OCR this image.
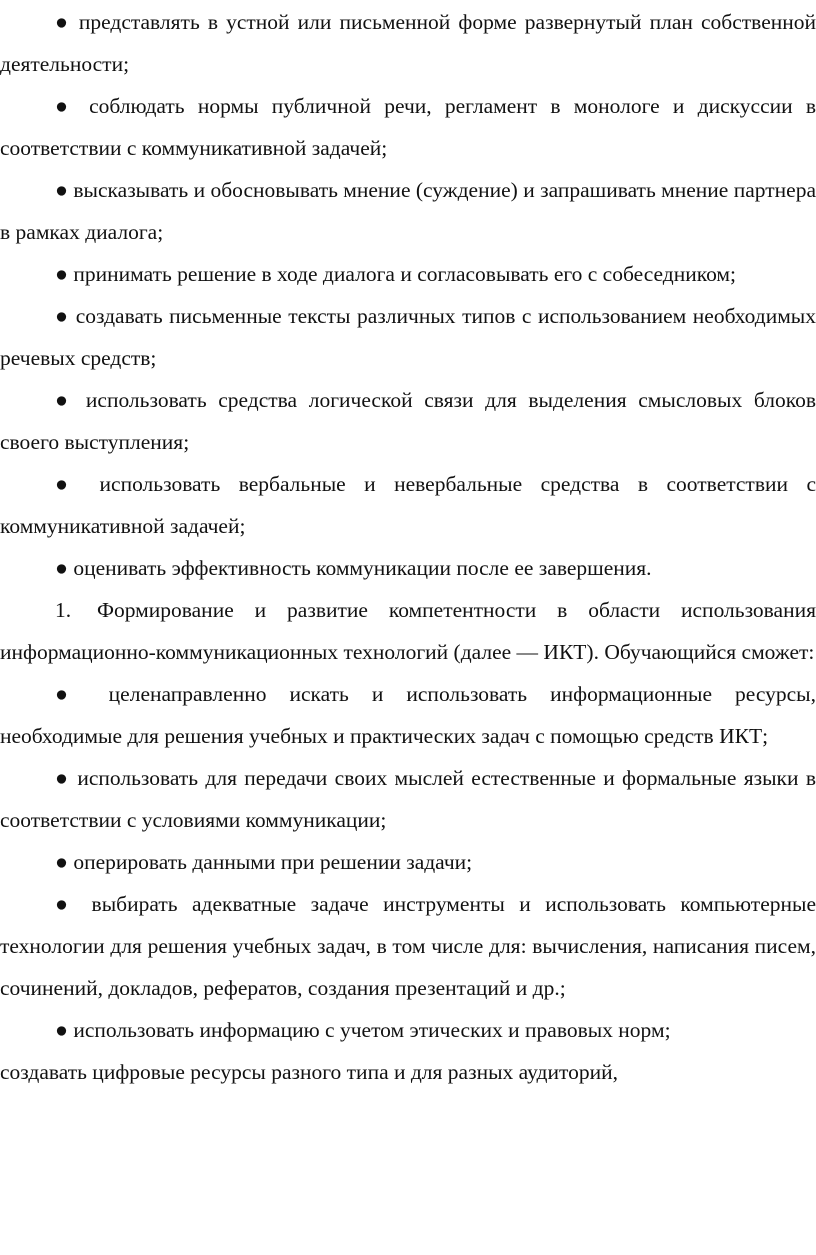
● представлять в устной или письменной форме развернутый план собственной деятельности;

● соблюдать нормы публичной речи, регламент в монологе и дискуссии в соответствии с коммуникативной задачей;

● высказывать и обосновывать мнение (суждение) и запрашивать мнение партнера в рамках диалога;

● принимать решение в ходе диалога и согласовывать его с собеседником;

● создавать письменные тексты различных типов с использованием необходимых речевых средств;

● использовать средства логической связи для выделения смысловых блоков своего выступления;

● использовать вербальные и невербальные средства в соответствии с коммуникативной задачей;

● оценивать эффективность коммуникации после ее завершения.

1. Формирование и развитие компетентности в области использования информационно-коммуникационных технологий (далее — ИКТ). Обучающийся сможет:

● целенаправленно искать и использовать информационные ресурсы, необходимые для решения учебных и практических задач с помощью средств ИКТ;

● использовать для передачи своих мыслей естественные и формальные языки в соответствии с условиями коммуникации;

● оперировать данными при решении задачи;

● выбирать адекватные задаче инструменты и использовать компьютерные технологии для решения учебных задач, в том числе для: вычисления, написания писем, сочинений, докладов, рефератов, создания презентаций и др.;

● использовать информацию с учетом этических и правовых норм;

создавать цифровые ресурсы разного типа и для разных аудиторий,
